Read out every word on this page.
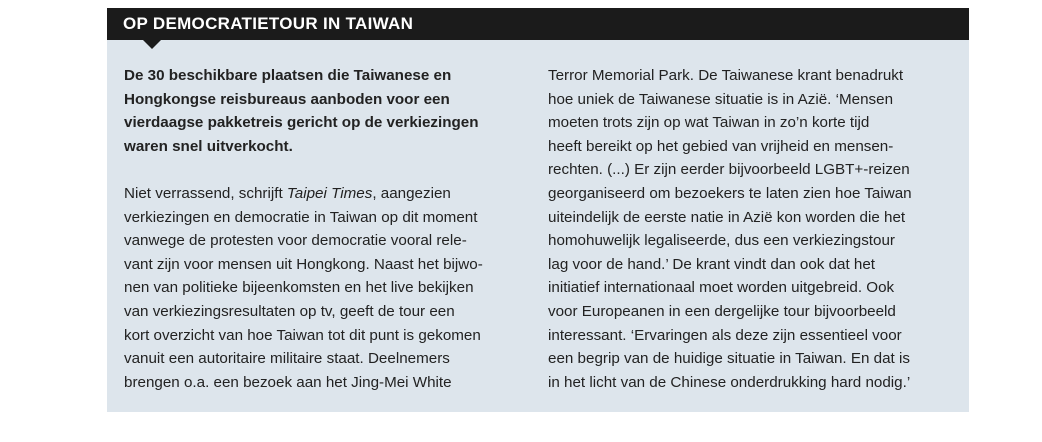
OP DEMOCRATIETOUR IN TAIWAN

De 30 beschikbare plaatsen die Taiwanese en
Hongkongse reisbureaus aanboden voor een
vierdaagse pakketreis gericht op de verkiezingen
waren snel uitverkocht.

Niet verrassend, schrijft Taipei Times, aangezien
verkiezingen en democratie in Taiwan op dit moment
vanwege de protesten voor democratie vooral rele-
vant zijn voor mensen uit Hongkong. Naast het bijwo-
nen van politieke bijeenkomsten en het live bekijken
van verkiezingsresultaten op tv, geeft de tour een
kort overzicht van hoe Taiwan tot dit punt is gekomen
vanuit een autoritaire militaire staat. Deelnemers
brengen o.a. een bezoek aan het Jing-Mei White

Terror Memorial Park. De Taiwanese krant benadrukt
hoe uniek de Taiwanese situatie is in Azië. ‘Mensen
moeten trots zijn op wat Taiwan in zo’n korte tijd
heeft bereikt op het gebied van vrijheid en mensen-
rechten. (...) Er zijn eerder bijvoorbeeld LGBT+-reizen
georganiseerd om bezoekers te laten zien hoe Taiwan
uiteindelijk de eerste natie in Azië kon worden die het
homohuwelijk legaliseerde, dus een verkiezingstour
lag voor de hand.’ De krant vindt dan ook dat het
initiatief internationaal moet worden uitgebreid. Ook
voor Europeanen in een dergelijke tour bijvoorbeeld
interessant. ‘Ervaringen als deze zijn essentieel voor
een begrip van de huidige situatie in Taiwan. En dat is
in het licht van de Chinese onderdrukking hard nodig.’
